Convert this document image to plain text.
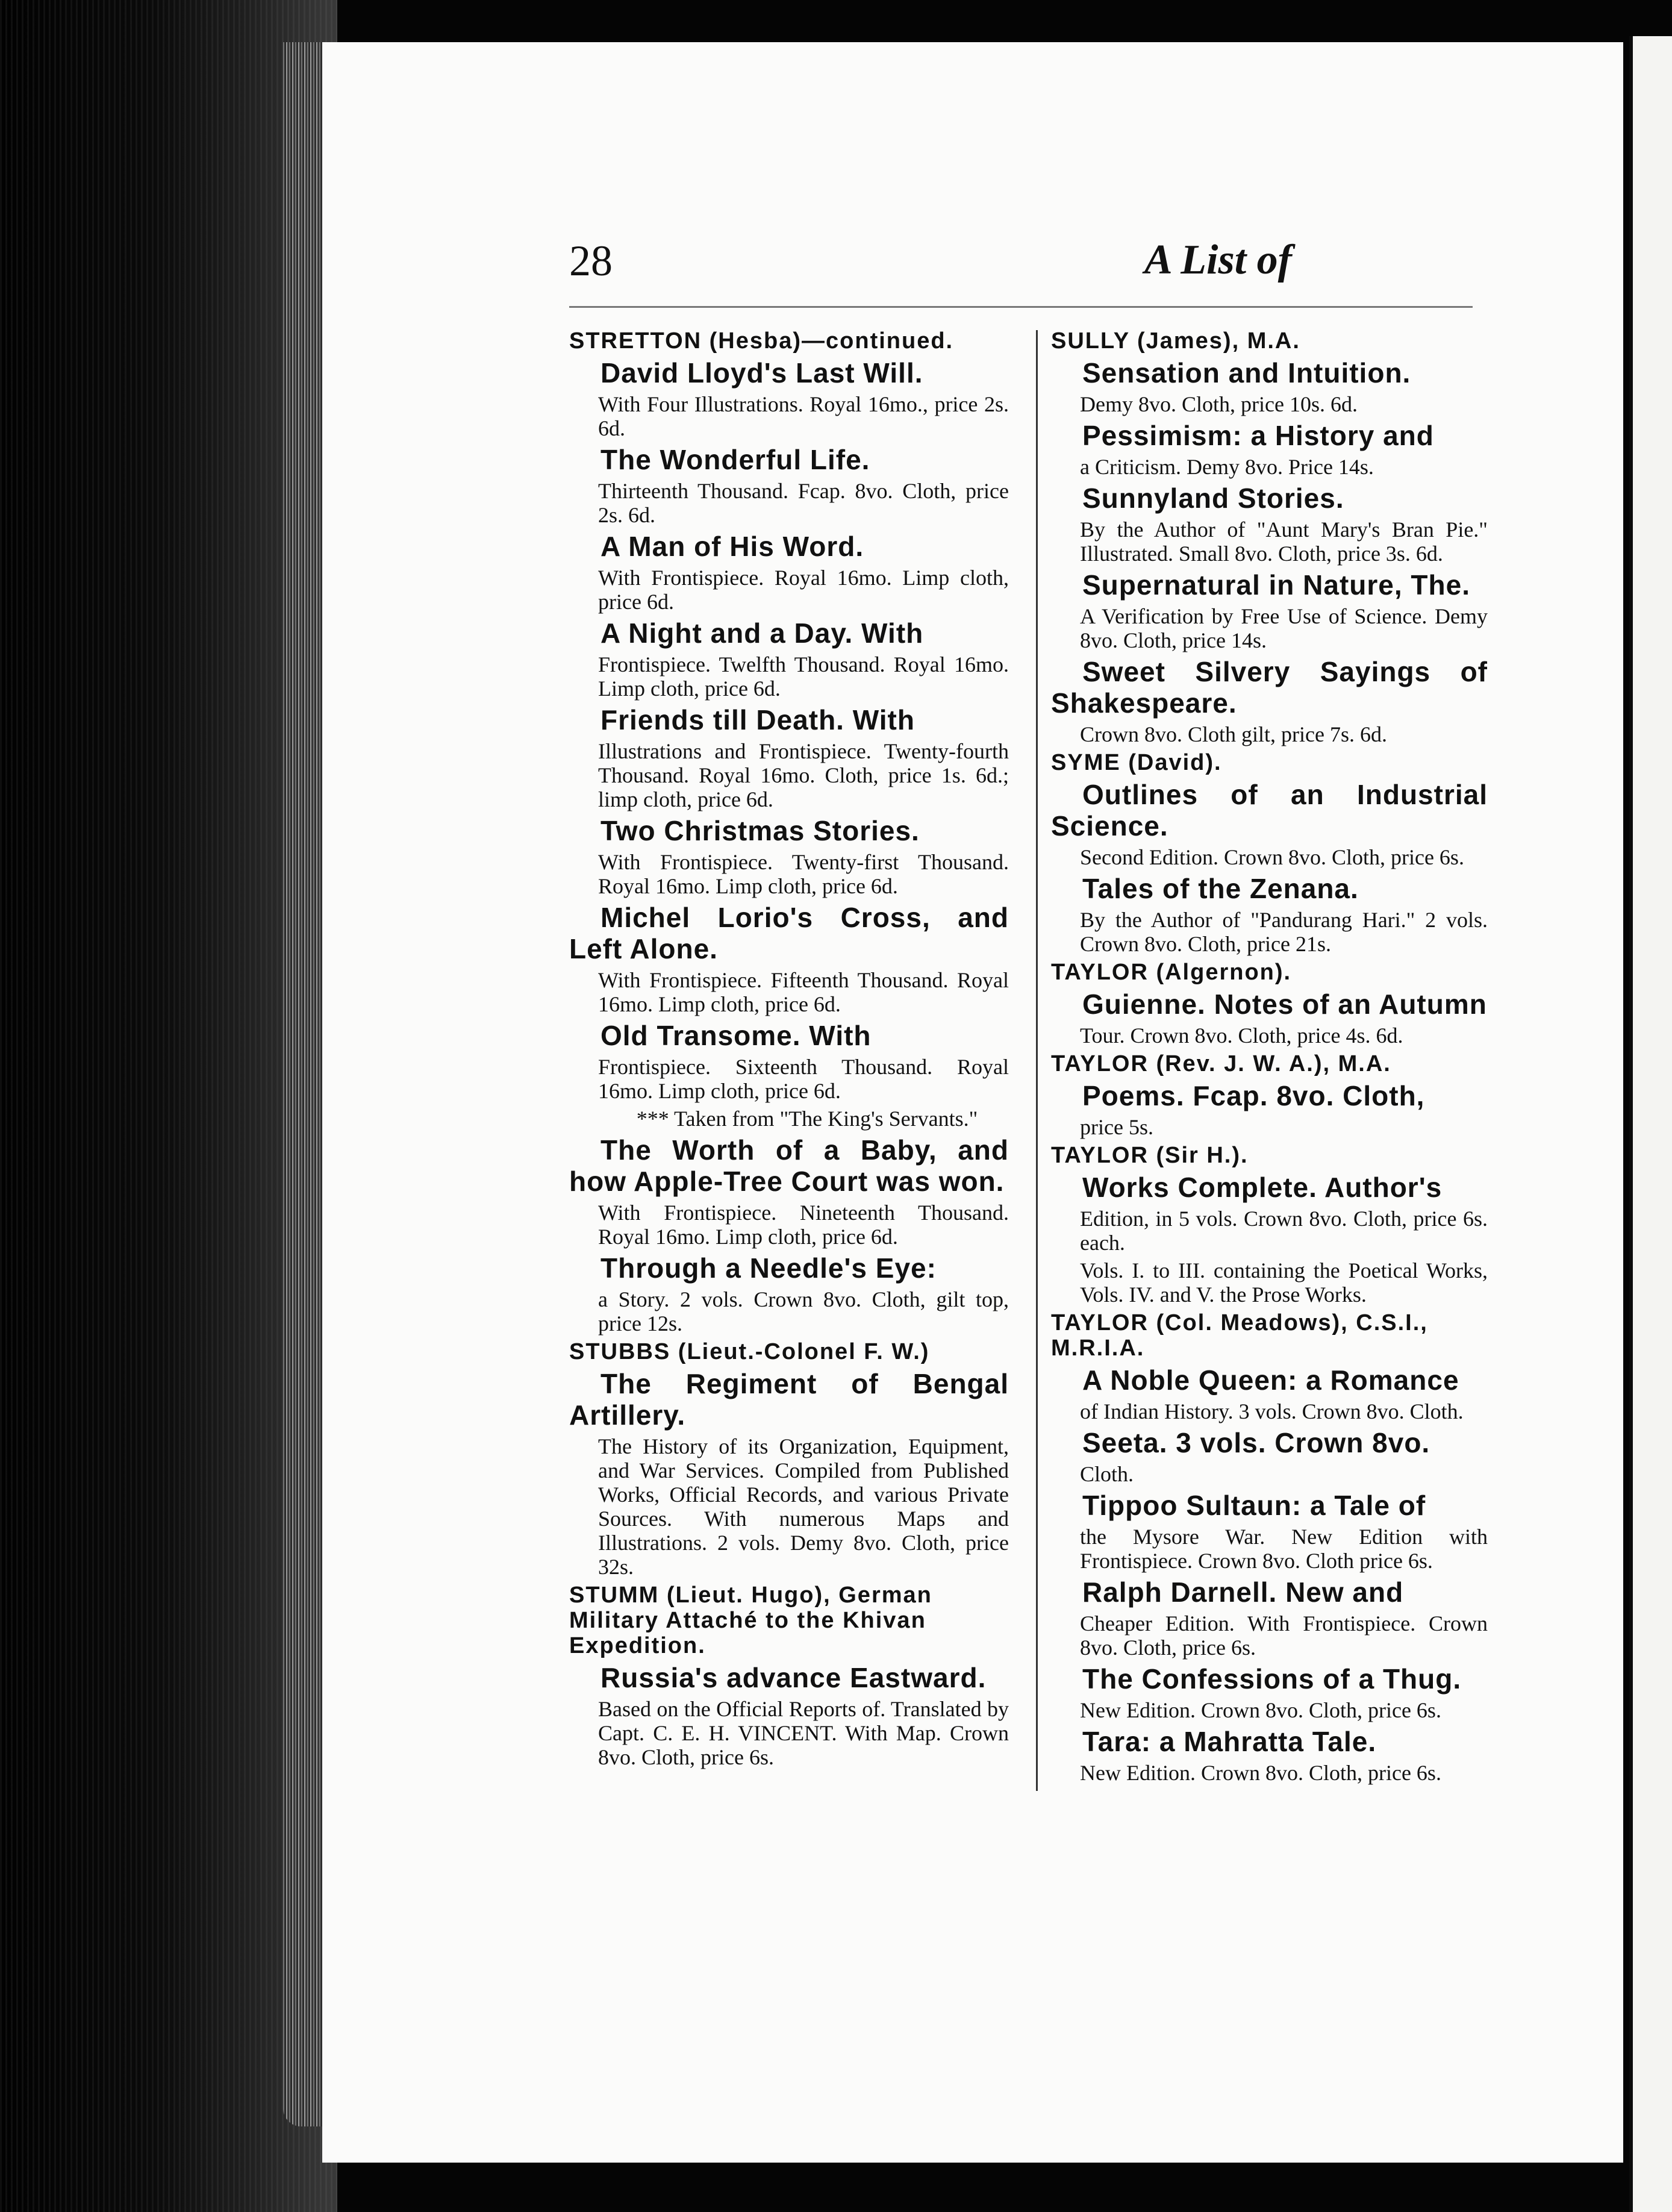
28	A List of
STRETTON (Hesba)—continued.
David Lloyd's Last Will.
With Four Illustrations. Royal 16mo., price 2s. 6d.
The Wonderful Life.
Thirteenth Thousand. Fcap. 8vo. Cloth, price 2s. 6d.
A Man of His Word.
With Frontispiece. Royal 16mo. Limp cloth, price 6d.
A Night and a Day. With
Frontispiece. Twelfth Thousand. Royal 16mo. Limp cloth, price 6d.
Friends till Death. With
Illustrations and Frontispiece. Twenty-fourth Thousand. Royal 16mo. Cloth, price 1s. 6d.; limp cloth, price 6d.
Two Christmas Stories.
With Frontispiece. Twenty-first Thousand. Royal 16mo. Limp cloth, price 6d.
Michel Lorio's Cross, and Left Alone.
With Frontispiece. Fifteenth Thousand. Royal 16mo. Limp cloth, price 6d.
Old Transome. With
Frontispiece. Sixteenth Thousand. Royal 16mo. Limp cloth, price 6d.
*** Taken from "The King's Servants."
The Worth of a Baby, and how Apple-Tree Court was won.
With Frontispiece. Nineteenth Thousand. Royal 16mo. Limp cloth, price 6d.
Through a Needle's Eye:
a Story. 2 vols. Crown 8vo. Cloth, gilt top, price 12s.
STUBBS (Lieut.-Colonel F. W.)
The Regiment of Bengal Artillery.
The History of its Organization, Equipment, and War Services. Compiled from Published Works, Official Records, and various Private Sources. With numerous Maps and Illustrations. 2 vols. Demy 8vo. Cloth, price 32s.
STUMM (Lieut. Hugo), German Military Attaché to the Khivan Expedition.
Russia's advance Eastward.
Based on the Official Reports of. Translated by Capt. C. E. H. VINCENT. With Map. Crown 8vo. Cloth, price 6s.
SULLY (James), M.A.
Sensation and Intuition.
Demy 8vo. Cloth, price 10s. 6d.
Pessimism: a History and
a Criticism. Demy 8vo. Price 14s.
Sunnyland Stories.
By the Author of "Aunt Mary's Bran Pie." Illustrated. Small 8vo. Cloth, price 3s. 6d.
Supernatural in Nature, The.
A Verification by Free Use of Science. Demy 8vo. Cloth, price 14s.
Sweet Silvery Sayings of Shakespeare.
Crown 8vo. Cloth gilt, price 7s. 6d.
SYME (David).
Outlines of an Industrial Science.
Second Edition. Crown 8vo. Cloth, price 6s.
Tales of the Zenana.
By the Author of "Pandurang Hari." 2 vols. Crown 8vo. Cloth, price 21s.
TAYLOR (Algernon).
Guienne. Notes of an Autumn
Tour. Crown 8vo. Cloth, price 4s. 6d.
TAYLOR (Rev. J. W. A.), M.A.
Poems. Fcap. 8vo. Cloth,
price 5s.
TAYLOR (Sir H.).
Works Complete. Author's
Edition, in 5 vols. Crown 8vo. Cloth, price 6s. each.
Vols. I. to III. containing the Poetical Works, Vols. IV. and V. the Prose Works.
TAYLOR (Col. Meadows), C.S.I., M.R.I.A.
A Noble Queen: a Romance
of Indian History. 3 vols. Crown 8vo. Cloth.
Seeta. 3 vols. Crown 8vo.
Cloth.
Tippoo Sultaun: a Tale of
the Mysore War. New Edition with Frontispiece. Crown 8vo. Cloth price 6s.
Ralph Darnell. New and
Cheaper Edition. With Frontispiece. Crown 8vo. Cloth, price 6s.
The Confessions of a Thug.
New Edition. Crown 8vo. Cloth, price 6s.
Tara: a Mahratta Tale.
New Edition. Crown 8vo. Cloth, price 6s.
